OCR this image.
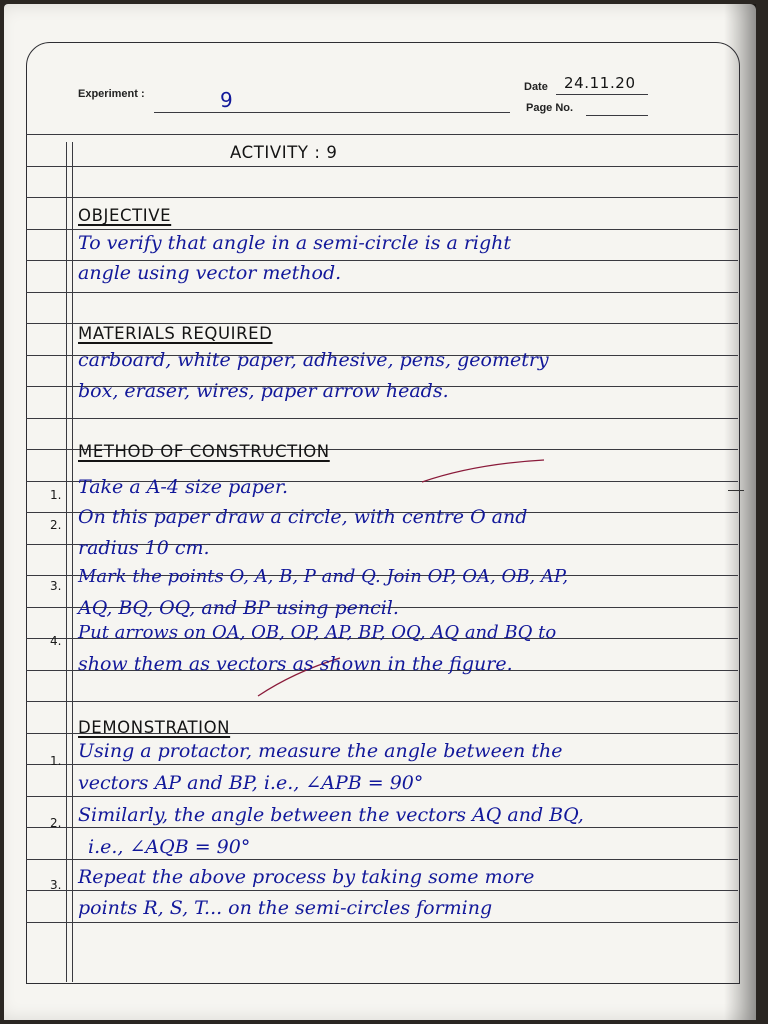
Experiment :	9
Date 24.11.20
Page No.
ACTIVITY : 9
OBJECTIVE
To verify that angle in a semi-circle is a right
angle using vector method.
MATERIALS REQUIRED
carboard, white paper, adhesive, pens, geometry
box, eraser, wires, paper arrow heads.
METHOD OF CONSTRUCTION
1. Take a A-4 size paper.
2. On this paper draw a circle, with centre O and
radius 10 cm.
3. Mark the points O, A, B, P and Q. Join OP, OA, OB, AP,
AQ, BQ, OQ, and BP using pencil.
4. Put arrows on OA, OB, OP, AP, BP, OQ, AQ and BQ to
show them as vectors as shown in the figure.
DEMONSTRATION
1. Using a protactor, measure the angle between the
vectors AP and BP, i.e., ∠APB = 90°
2. Similarly, the angle between the vectors AQ and BQ,
i.e., ∠AQB = 90°
3. Repeat the above process by taking some more
points R, S, T... on the semi-circles forming
